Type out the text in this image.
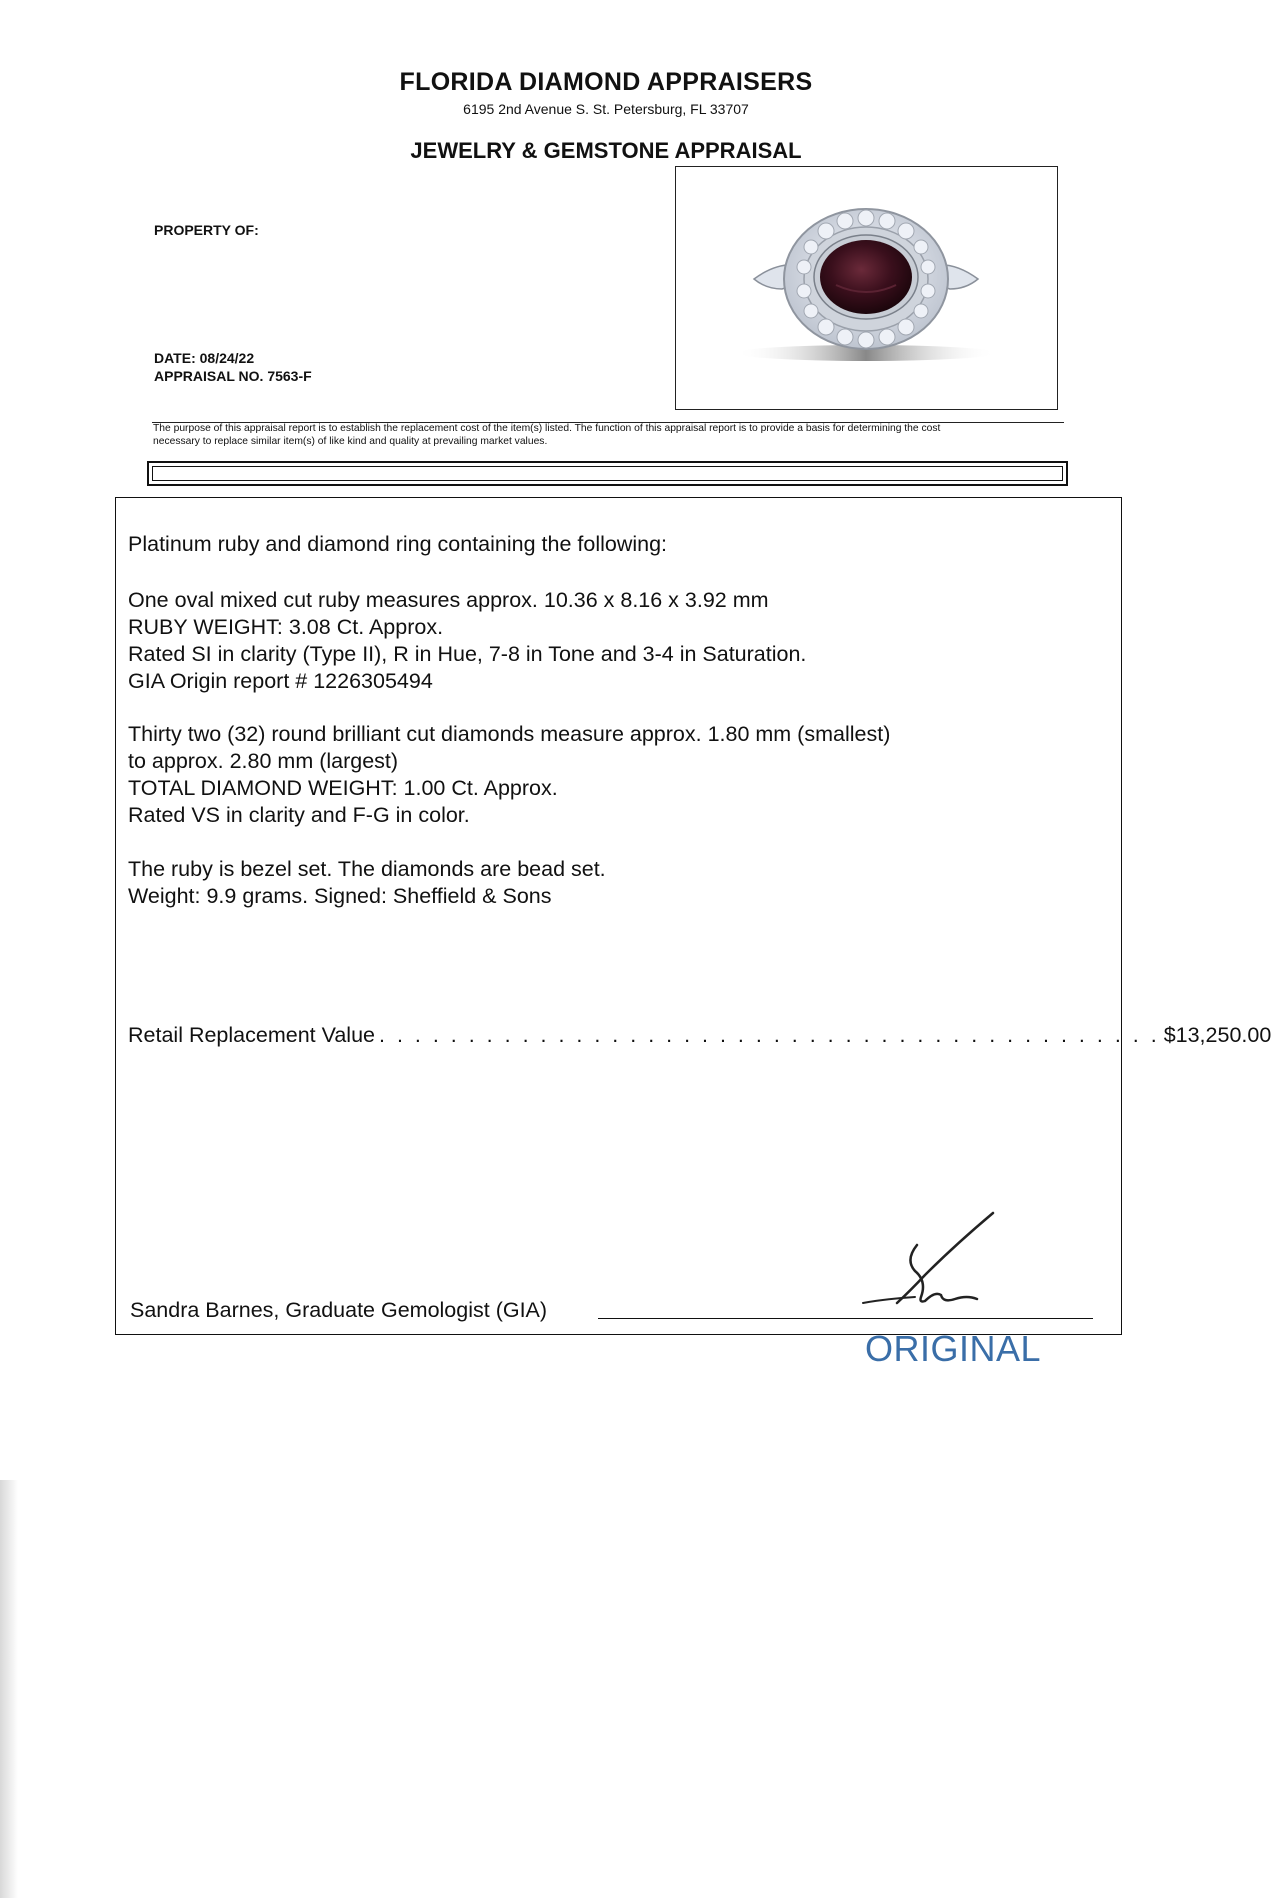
FLORIDA DIAMOND APPRAISERS
6195 2nd Avenue S. St. Petersburg, FL 33707
JEWELRY & GEMSTONE APPRAISAL
PROPERTY OF:
DATE: 08/24/22
APPRAISAL NO. 7563-F
The purpose of this appraisal report is to establish the replacement cost of the item(s) listed. The function of this appraisal report is to provide a basis for determining the cost
necessary to replace similar item(s) of like kind and quality at prevailing market values.
Platinum ruby and diamond ring containing the following:
One oval mixed cut ruby measures approx. 10.36 x 8.16 x 3.92 mm
RUBY WEIGHT: 3.08 Ct. Approx.
Rated SI in clarity (Type II), R in Hue, 7-8 in Tone and 3-4 in Saturation.
GIA Origin report # 1226305494
Thirty two (32) round brilliant cut diamonds measure approx. 1.80 mm (smallest)
to approx. 2.80 mm (largest)
TOTAL DIAMOND WEIGHT: 1.00 Ct. Approx.
Rated VS in clarity and F-G in color.
The ruby is bezel set. The diamonds are bead set.
Weight: 9.9 grams. Signed: Sheffield & Sons
Retail Replacement Value . . . . . . . . . . . . . . . . . . . . . . . . . . . . . . . . . . . . . . . . . . . . $13,250.00
Sandra Barnes, Graduate Gemologist (GIA)
ORIGINAL
